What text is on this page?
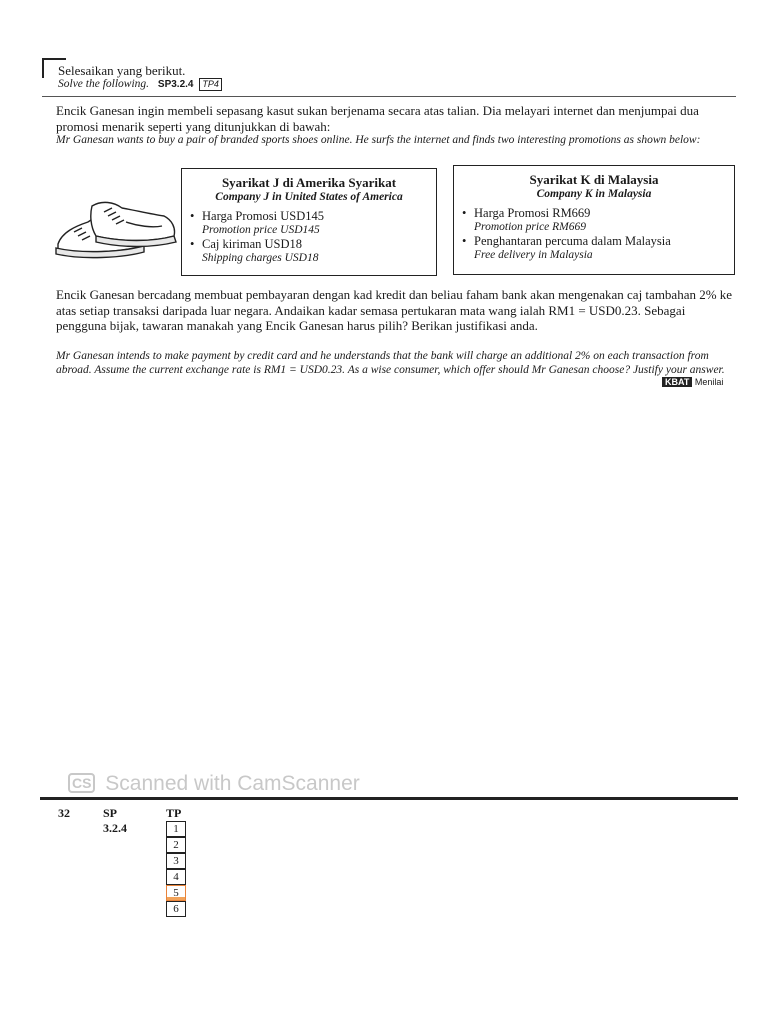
Selesaikan yang berikut.
Solve the following. SP3.2.4 TP4
Encik Ganesan ingin membeli sepasang kasut sukan berjenama secara atas talian. Dia melayari internet dan menjumpai dua promosi menarik seperti yang ditunjukkan di bawah:
Mr Ganesan wants to buy a pair of branded sports shoes online. He surfs the internet and finds two interesting promotions as shown below:
Syarikat J di Amerika Syarikat
Company J in United States of America
• Harga Promosi USD145
Promotion price USD145
• Caj kiriman USD18
Shipping charges USD18
Syarikat K di Malaysia
Company K in Malaysia
• Harga Promosi RM669
Promotion price RM669
• Penghantaran percuma dalam Malaysia
Free delivery in Malaysia
Encik Ganesan bercadang membuat pembayaran dengan kad kredit dan beliau faham bank akan mengenakan caj tambahan 2% ke atas setiap transaksi daripada luar negara. Andaikan kadar semasa pertukaran mata wang ialah RM1 = USD0.23. Sebagai pengguna bijak, tawaran manakah yang Encik Ganesan harus pilih? Berikan justifikasi anda.
Mr Ganesan intends to make payment by credit card and he understands that the bank will charge an additional 2% on each transaction from abroad. Assume the current exchange rate is RM1 = USD0.23. As a wise consumer, which offer should Mr Ganesan choose? Justify your answer.
KBAT Menilai
CS Scanned with CamScanner
32	SP 3.2.4
TP 123456
